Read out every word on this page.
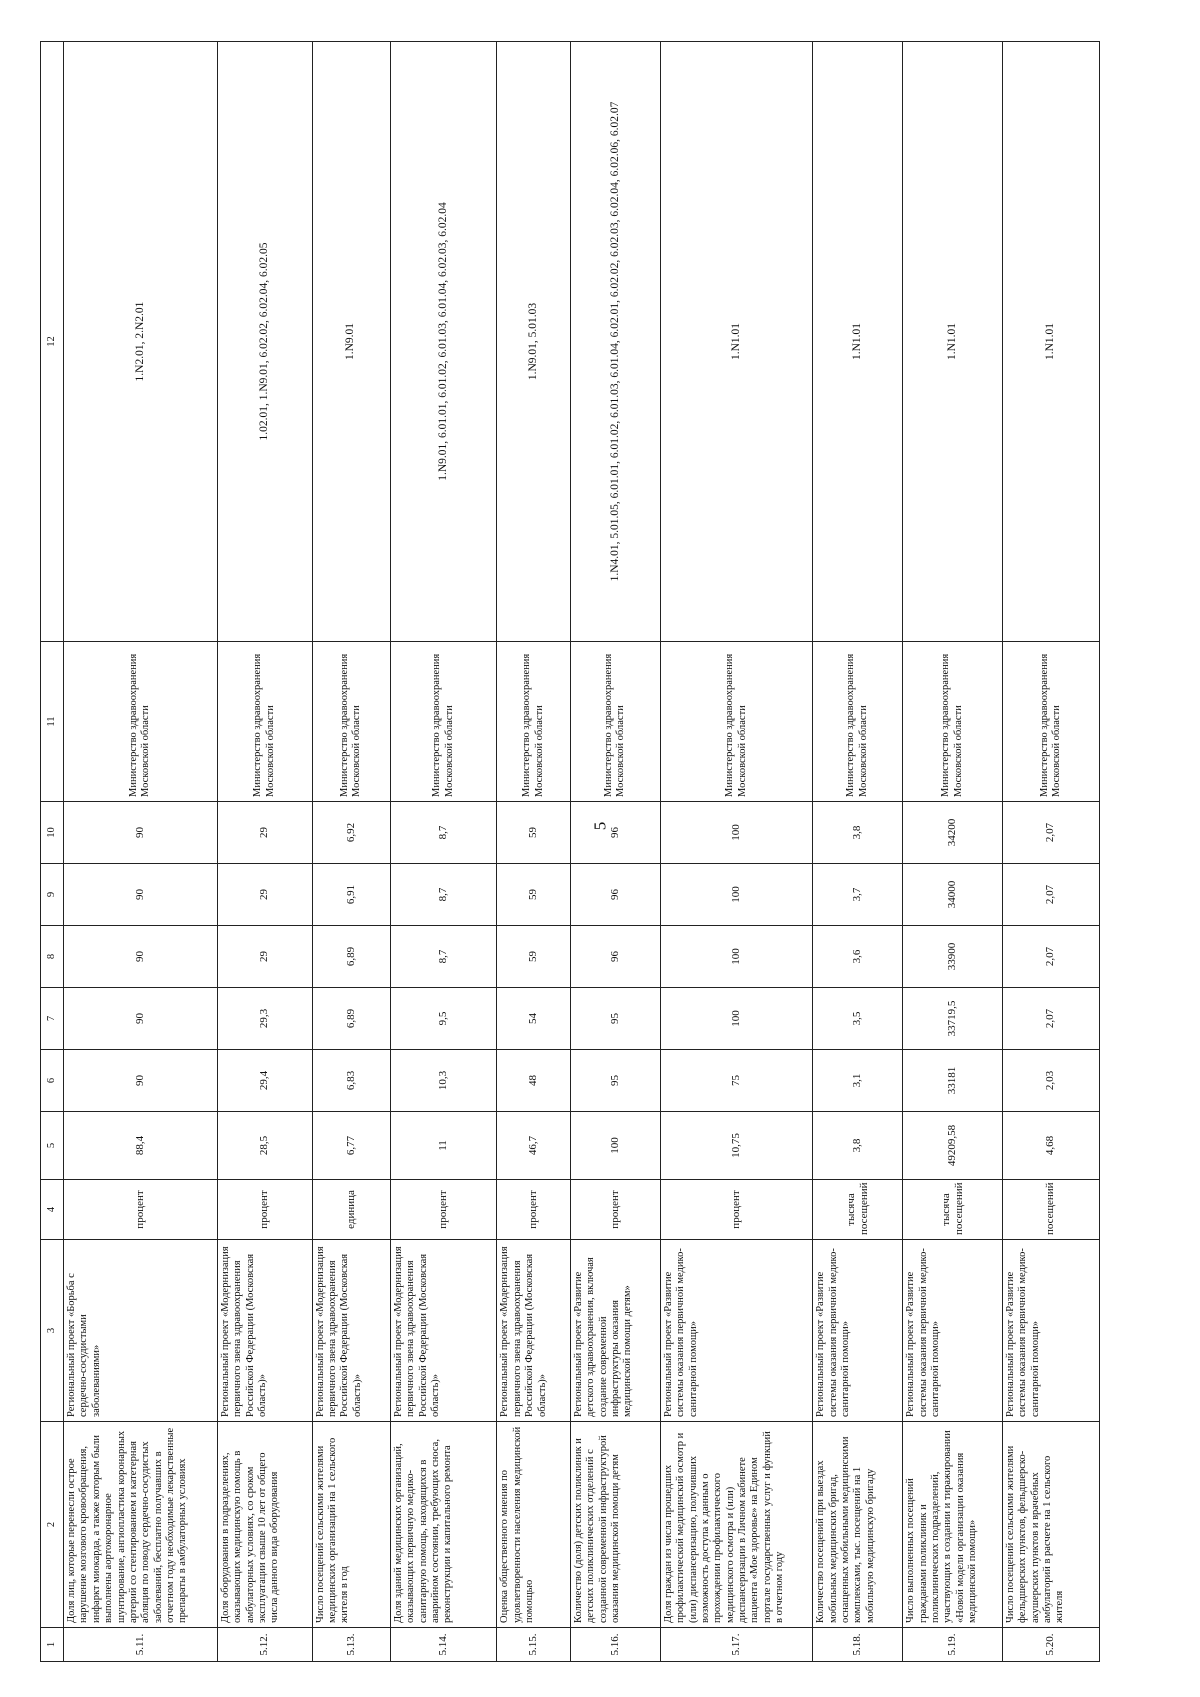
5
1	2	3	4	5	6	7	8	9	10	11	12
5.11.	Доля лиц, которые перенесли острое нарушение мозгового кровообращения, инфаркт миокарда, а также которым были выполнены аортокоронарное шунтирование, ангиопластика коронарных артерий со стентированием и катетерная абляция по поводу сердечно-сосудистых заболеваний, бесплатно получавших в отчетном году необходимые лекарственные препараты в амбулаторных условиях	Региональный проект «Борьба с сердечно-сосудистыми заболеваниями»	процент	88,4	90	90	90	90	90	Министерство здравоохранения Московской области	1.N2.01, 2.N2.01
5.12.	Доля оборудования в подразделениях, оказывающих медицинскую помощь в амбулаторных условиях, со сроком эксплуатации свыше 10 лет от общего числа данного вида оборудования	Региональный проект «Модернизация первичного звена здравоохранения Российской Федерации (Московская область)»	процент	28,5	29,4	29,3	29	29	29	Министерство здравоохранения Московской области	1.02.01, 1.N9.01, 6.02.02, 6.02.04, 6.02.05
5.13.	Число посещений сельскими жителями медицинских организаций на 1 сельского жителя в год	Региональный проект «Модернизация первичного звена здравоохранения Российской Федерации (Московская область)»	единица	6,77	6,83	6,89	6,89	6,91	6,92	Министерство здравоохранения Московской области	1.N9.01
5.14.	Доля зданий медицинских организаций, оказывающих первичную медико-санитарную помощь, находящихся в аварийном состоянии, требующих сноса, реконструкции и капитального ремонта	Региональный проект «Модернизация первичного звена здравоохранения Российской Федерации (Московская область)»	процент	11	10,3	9,5	8,7	8,7	8,7	Министерство здравоохранения Московской области	1.N9.01, 6.01.01, 6.01.02, 6.01.03, 6.01.04, 6.02.03, 6.02.04
5.15.	Оценка общественного мнения по удовлетворенности населения медицинской помощью	Региональный проект «Модернизация первичного звена здравоохранения Российской Федерации (Московская область)»	процент	46,7	48	54	59	59	59	Министерство здравоохранения Московской области	1.N9.01, 5.01.03
5.16.	Количество (доля) детских поликлиник и детских поликлинических отделений с созданной современной инфраструктурой оказания медицинской помощи детям	Региональный проект «Развитие детского здравоохранения, включая создание современной инфраструктуры оказания медицинской помощи детям»	процент	100	95	95	96	96	96	Министерство здравоохранения Московской области	1.N4.01, 5.01.05, 6.01.01, 6.01.02, 6.01.03, 6.01.04, 6.02.01, 6.02.02, 6.02.03, 6.02.04, 6.02.06, 6.02.07
5.17.	Доля граждан из числа прошедших профилактический медицинский осмотр и (или) диспансеризацию, получивших возможность доступа к данным о прохождении профилактического медицинского осмотра и (или) диспансеризации в Личном кабинете пациента «Мое здоровье» на Едином портале государственных услуг и функций в отчетном году	Региональный проект «Развитие системы оказания первичной медико-санитарной помощи»	процент	10,75	75	100	100	100	100	Министерство здравоохранения Московской области	1.N1.01
5.18.	Количество посещений при выездах мобильных медицинских бригад, оснащенных мобильными медицинскими комплексами, тыс. посещений на 1 мобильную медицинскую бригаду	Региональный проект «Развитие системы оказания первичной медико-санитарной помощи»	тысяча посещений	3,8	3,1	3,5	3,6	3,7	3,8	Министерство здравоохранения Московской области	1.N1.01
5.19.	Число выполненных посещений гражданами поликлиник и поликлинических подразделений, участвующих в создании и тиражировании «Новой модели организации оказания медицинской помощи»	Региональный проект «Развитие системы оказания первичной медико-санитарной помощи»	тысяча посещений	49209,58	33181	33719,5	33900	34000	34200	Министерство здравоохранения Московской области	1.N1.01
5.20.	Число посещений сельскими жителями фельдшерских пунктов, фельдшерско-акушерских пунктов и врачебных амбулаторий в расчете на 1 сельского жителя	Региональный проект «Развитие системы оказания первичной медико-санитарной помощи»	посещений	4,68	2,03	2,07	2,07	2,07	2,07	Министерство здравоохранения Московской области	1.N1.01
